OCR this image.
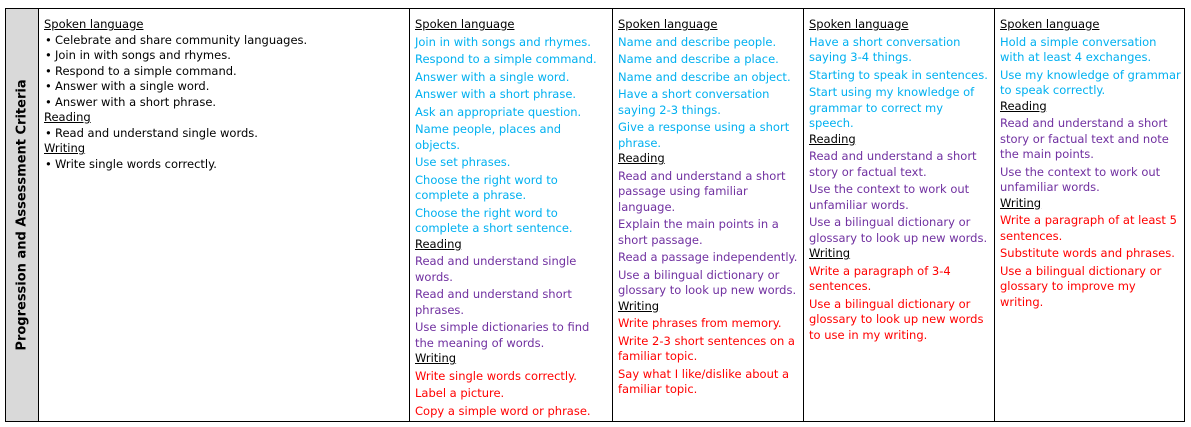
Progression and Assessment Criteria
Spoken language
• Celebrate and share community languages.
• Join in with songs and rhymes.
• Respond to a simple command.
• Answer with a single word.
• Answer with a short phrase.
Reading
• Read and understand single words.
Writing
• Write single words correctly.
Spoken language
Join in with songs and rhymes.
Respond to a simple command.
Answer with a single word.
Answer with a short phrase.
Ask an appropriate question.
Name people, places and objects.
Use set phrases.
Choose the right word to complete a phrase.
Choose the right word to complete a short sentence.
Reading
Read and understand single words.
Read and understand short phrases.
Use simple dictionaries to find the meaning of words.
Writing
Write single words correctly.
Label a picture.
Copy a simple word or phrase.
Spoken language
Name and describe people.
Name and describe a place.
Name and describe an object.
Have a short conversation saying 2-3 things.
Give a response using a short phrase.
Reading
Read and understand a short passage using familiar language.
Explain the main points in a short passage.
Read a passage independently.
Use a bilingual dictionary or glossary to look up new words.
Writing
Write phrases from memory.
Write 2-3 short sentences on a familiar topic.
Say what I like/dislike about a familiar topic.
Spoken language
Have a short conversation saying 3-4 things.
Starting to speak in sentences.
Start using my knowledge of grammar to correct my speech.
Reading
Read and understand a short story or factual text.
Use the context to work out unfamiliar words.
Use a bilingual dictionary or glossary to look up new words.
Writing
Write a paragraph of 3-4 sentences.
Use a bilingual dictionary or glossary to look up new words to use in my writing.
Spoken language
Hold a simple conversation with at least 4 exchanges.
Use my knowledge of grammar to speak correctly.
Reading
Read and understand a short story or factual text and note the main points.
Use the context to work out unfamiliar words.
Writing
Write a paragraph of at least 5 sentences.
Substitute words and phrases.
Use a bilingual dictionary or glossary to improve my writing.
